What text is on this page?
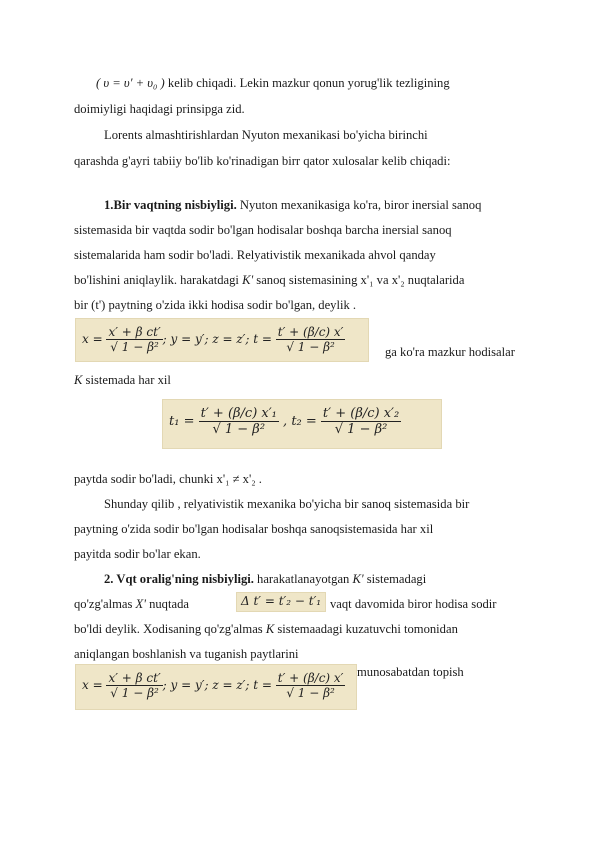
( υ = υ′ + υ₀ ) kelib chiqadi. Lekin mazkur qonun yorug'lik tezligining
doimiyligi haqidagi prinsipga zid.
Lorents almashtirishlardan Nyuton mexanikasi bo'yicha birinchi
qarashda g'ayri tabiiy bo'lib ko'rinadigan birr qator xulosalar kelib chiqadi:
1.Bir vaqtning nisbiyligi. Nyuton mexanikasiga ko'ra, biror inersial sanoq
sistemasida bir vaqtda sodir bo'lgan hodisalar boshqa barcha inersial sanoq
sistemalarida ham sodir bo'ladi. Relyativistik mexanikada ahvol qanday
bo'lishini aniqlaylik. harakatdagi K' sanoq sistemasining x'₁ va x'₂ nuqtalarida
bir (t') paytning o'zida ikki hodisa sodir bo'lgan, deylik .
$x = \frac{\text{x′ + β ct′}}{\text{√ 1 − β²}}$ ; y = y′; z = z′; $t = \frac{t' + (\beta/c) x'}{\text{√ 1 − β²}}$	ga ko'ra mazkur hodisalar
K sistemada har xil
$t_1 = \frac{\text{t′ + (β/c) x′₁}}{\text{√ 1 − β²}}$ , $t_2 = \frac{\text{t′ + (β/c) x′₂}}{\text{√ 1 − β²}}$
paytda sodir bo'ladi, chunki x'₁ ≠ x'₂ .
Shunday qilib , relyativistik mexanika bo'yicha bir sanoq sistemasida bir
paytning o'zida sodir bo'lgan hodisalar boshqa sanoqsistemasida har xil
payitda sodir bo'lar ekan.
2. Vqt oralig'ning nisbiyligi. harakatlanayotgan K' sistemadagi
qo'zg'almas X' nuqtada	Δ t′ = t′₂ − t′₁ vaqt davomida biror hodisa sodir
bo'ldi deylik. Xodisaning qo'zg'almas K sistemaadagi kuzatuvchi tomonidan
aniqlangan boshlanish va tuganish paytlarini
$x = \frac{\text{x′ + β ct′}}{\text{√ 1 − β²}}$ ; y = y′; z = z′; $t = \frac{t' + (\beta/c) x'}{\text{√ 1 − β²}}$ munosabatdan topish
